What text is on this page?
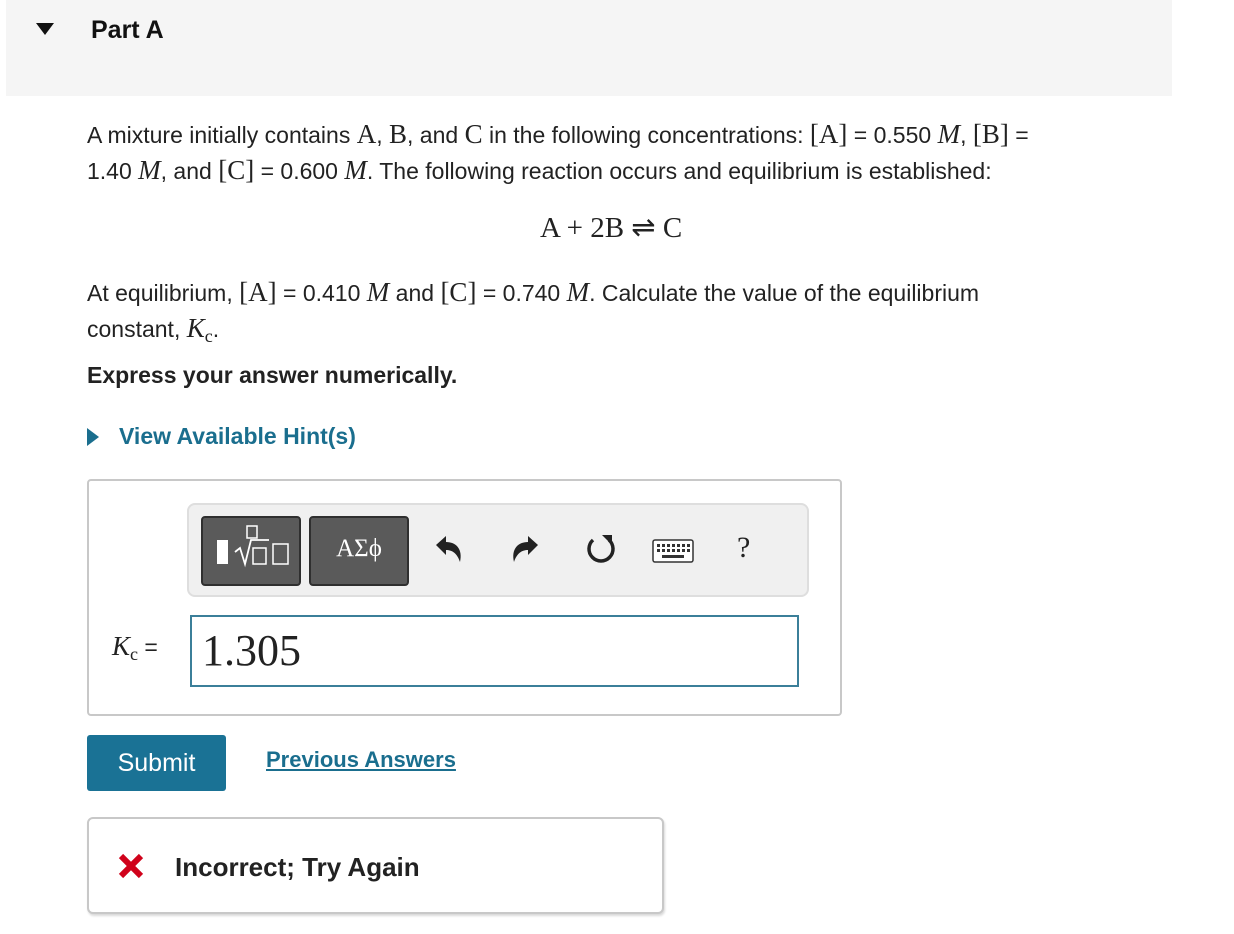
Part A
A mixture initially contains A, B, and C in the following concentrations: [A] = 0.550 M, [B] =
1.40 M, and [C] = 0.600 M. The following reaction occurs and equilibrium is established:
A + 2B ⇌ C
At equilibrium, [A] = 0.410 M and [C] = 0.740 M. Calculate the value of the equilibrium
constant, $K_c$.
Express your answer numerically.
View Available Hint(s)
ΑΣϕ	?
$K_c = 1.305$
Submit	Previous Answers
Incorrect; Try Again
